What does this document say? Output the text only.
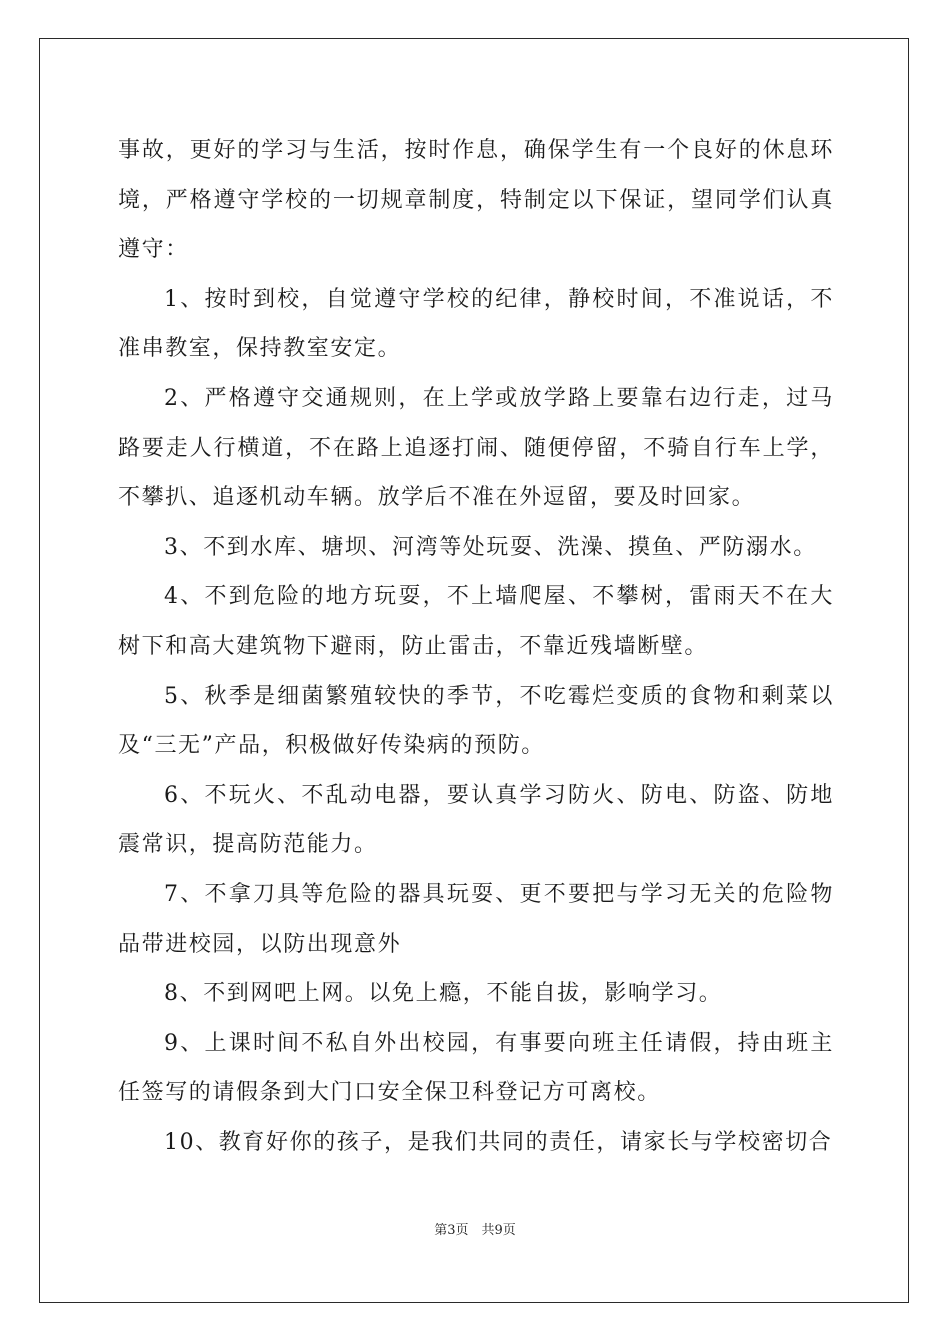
事故，更好的学习与生活，按时作息，确保学生有一个良好的休息环境，严格遵守学校的一切规章制度，特制定以下保证，望同学们认真遵守：

1、按时到校，自觉遵守学校的纪律，静校时间，不准说话，不准串教室，保持教室安定。

2、严格遵守交通规则，在上学或放学路上要靠右边行走，过马路要走人行横道，不在路上追逐打闹、随便停留，不骑自行车上学，不攀扒、追逐机动车辆。放学后不准在外逗留，要及时回家。

3、不到水库、塘坝、河湾等处玩耍、洗澡、摸鱼、严防溺水。

4、不到危险的地方玩耍，不上墙爬屋、不攀树，雷雨天不在大树下和高大建筑物下避雨，防止雷击，不靠近残墙断壁。

5、秋季是细菌繁殖较快的季节，不吃霉烂变质的食物和剩菜以及“三无”产品，积极做好传染病的预防。

6、不玩火、不乱动电器，要认真学习防火、防电、防盗、防地震常识，提高防范能力。

7、不拿刀具等危险的器具玩耍、更不要把与学习无关的危险物品带进校园，以防出现意外

8、不到网吧上网。以免上瘾，不能自拔，影响学习。

9、上课时间不私自外出校园，有事要向班主任请假，持由班主任签写的请假条到大门口安全保卫科登记方可离校。

10、教育好你的孩子，是我们共同的责任，请家长与学校密切合

第3页　共9页
